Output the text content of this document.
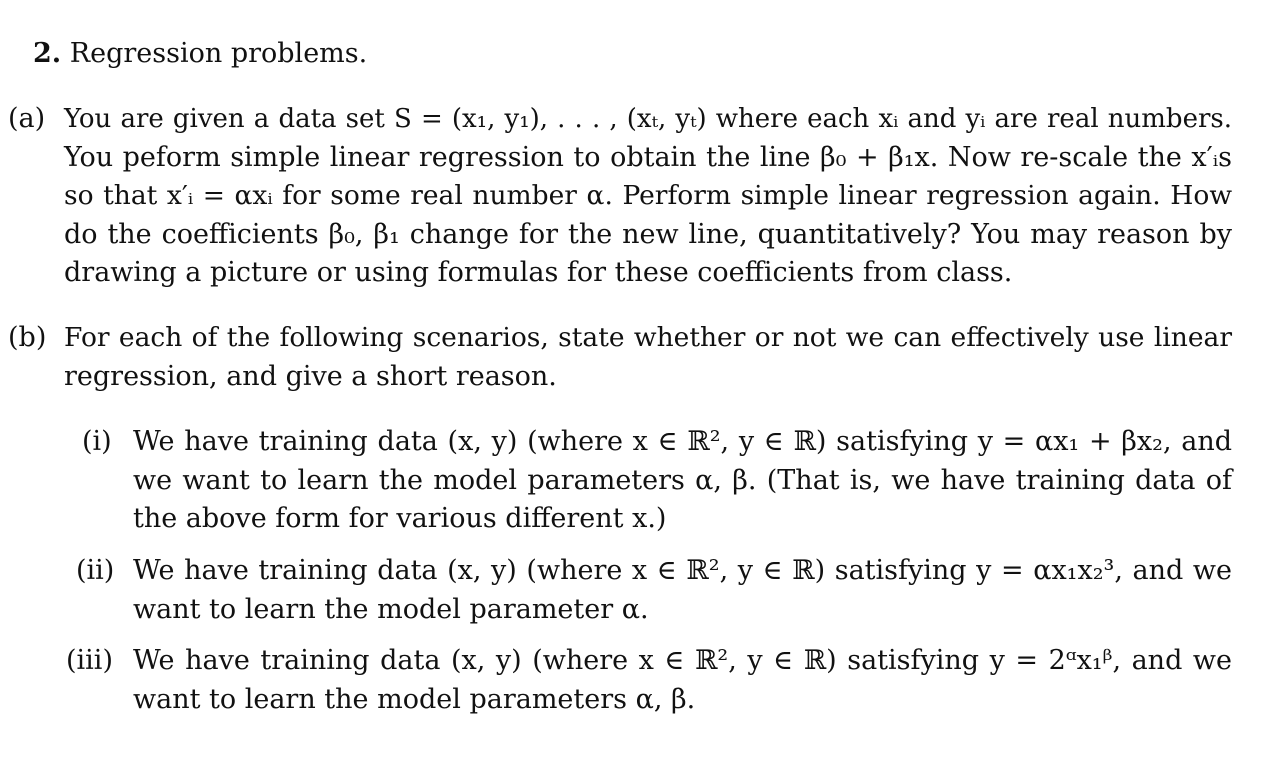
2. Regression problems.
(a) You are given a data set S = (x₁, y₁), . . . , (xₜ, yₜ) where each xᵢ and yᵢ are real numbers.
You peform simple linear regression to obtain the line β₀ + β₁x. Now re-scale the x′ᵢs
so that x′ᵢ = αxᵢ for some real number α. Perform simple linear regression again. How
do the coefficients β₀, β₁ change for the new line, quantitatively? You may reason by
drawing a picture or using formulas for these coefficients from class.
(b) For each of the following scenarios, state whether or not we can effectively use linear
regression, and give a short reason.
(i) We have training data (x, y) (where x ∈ ℝ², y ∈ ℝ) satisfying y = αx₁ + βx₂, and
we want to learn the model parameters α, β. (That is, we have training data of
the above form for various different x.)
(ii) We have training data (x, y) (where x ∈ ℝ², y ∈ ℝ) satisfying y = αx₁x₂³, and we
want to learn the model parameter α.
(iii) We have training data (x, y) (where x ∈ ℝ², y ∈ ℝ) satisfying y = 2ᵅx₁ᵝ, and we
want to learn the model parameters α, β.
